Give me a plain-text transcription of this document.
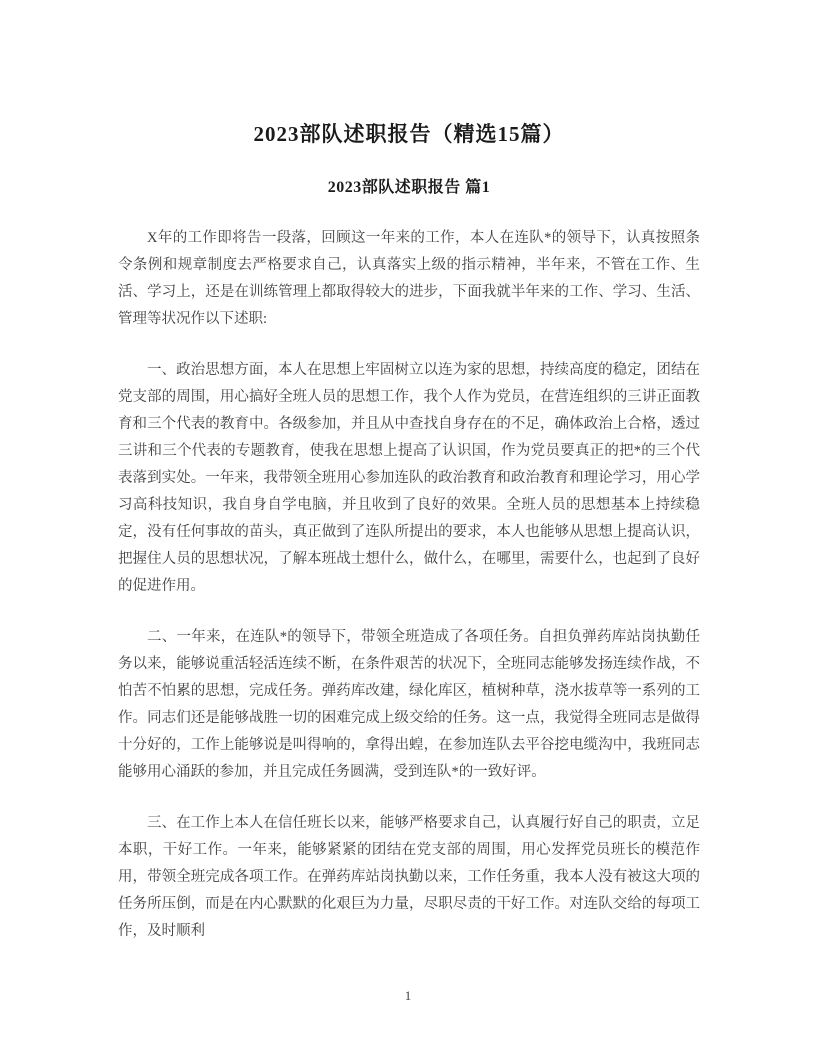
2023部队述职报告（精选15篇）
2023部队述职报告 篇1

X年的工作即将告一段落，回顾这一年来的工作，本人在连队*的领导下，认真按照条令条例和规章制度去严格要求自己，认真落实上级的指示精神，半年来，不管在工作、生活、学习上，还是在训练管理上都取得较大的进步，下面我就半年来的工作、学习、生活、管理等状况作以下述职:

一、政治思想方面，本人在思想上牢固树立以连为家的思想，持续高度的稳定，团结在党支部的周围，用心搞好全班人员的思想工作，我个人作为党员，在营连组织的三讲正面教育和三个代表的教育中。各级参加，并且从中查找自身存在的不足，确体政治上合格，透过三讲和三个代表的专题教育，使我在思想上提高了认识国，作为党员要真正的把*的三个代表落到实处。一年来，我带领全班用心参加连队的政治教育和政治教育和理论学习，用心学习高科技知识，我自身自学电脑，并且收到了良好的效果。全班人员的思想基本上持续稳定，没有任何事故的苗头，真正做到了连队所提出的要求，本人也能够从思想上提高认识，把握住人员的思想状况，了解本班战士想什么，做什么，在哪里，需要什么，也起到了良好的促进作用。

二、一年来，在连队*的领导下，带领全班造成了各项任务。自担负弹药库站岗执勤任务以来，能够说重活轻活连续不断，在条件艰苦的状况下，全班同志能够发扬连续作战，不怕苦不怕累的思想，完成任务。弹药库改建，绿化库区，植树种草，浇水拔草等一系列的工作。同志们还是能够战胜一切的困难完成上级交给的任务。这一点，我觉得全班同志是做得十分好的，工作上能够说是叫得响的，拿得出蝗，在参加连队去平谷挖电缆沟中，我班同志能够用心涌跃的参加，并且完成任务圆满，受到连队*的一致好评。

三、在工作上本人在信任班长以来，能够严格要求自己，认真履行好自己的职责，立足本职，干好工作。一年来，能够紧紧的团结在党支部的周围，用心发挥党员班长的模范作用，带领全班完成各项工作。在弹药库站岗执勤以来，工作任务重，我本人没有被这大项的任务所压倒，而是在内心默默的化艰巨为力量，尽职尽责的干好工作。对连队交给的每项工作，及时顺利

1
